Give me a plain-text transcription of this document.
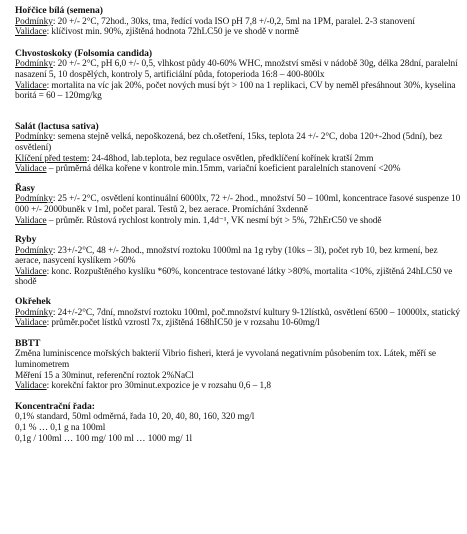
Hořčice bílá (semena)

Podmínky: 20 +/- 2°C, 72hod., 30ks, tma, ředící voda ISO pH 7,8 +/-0,2, 5ml na 1PM, paralel. 2-3 stanovení

Validace: klíčivost min. 90%, zjištěná hodnota 72hLC50 je ve shodě v normě

Chvostoskoky (Folsomia candida)

Podmínky: 20 +/- 2°C, pH 6,0 +/- 0,5, vlhkost půdy 40-60% WHC, množství směsi v nádobě 30g, délka 28dní, paralelní nasazení 5, 10 dospělých, kontroly 5, artificiální půda, fotoperioda 16:8 – 400-800lx

Validace: mortalita na víc jak 20%, počet nových musí být > 100 na 1 replikaci, CV by neměl přesáhnout 30%, kyselina boritá = 60 – 120mg/kg

Salát (lactusa sativa)

Podmínky: semena stejně velká, nepoškozená, bez ch.ošetření, 15ks, teplota 24 +/- 2°C, doba 120+-2hod (5dní), bez osvětlení)

Klíčení před testem: 24-48hod, lab.teplota, bez regulace osvětlen, předklíčení kořínek kratší 2mm

Validace – průměrná délka kořene v kontrole min.15mm, variační koeficient paralelních stanovení <20%

Řasy

Podmínky: 25 +/- 2°C, osvětlení kontinuální 6000lx, 72 +/- 2hod., množství 50 – 100ml, koncentrace řasové suspenze 10 000 +/- 2000buněk v 1ml, počet paral. Testů 2, bez aerace. Promíchání 3xdenně

Validace – průměr. Růstová rychlost kontroly min. 1,4d⁻¹, VK nesmí být > 5%, 72hErC50 ve shodě

Ryby

Podmínky: 23+/-2°C, 48 +/- 2hod., množství roztoku 1000ml na 1g ryby (10ks – 3l), počet ryb 10, bez krmení, bez aerace, nasycení kyslíkem >60%

Validace: konc. Rozpuštěného kyslíku *60%, koncentrace testované látky >80%, mortalita <10%, zjištěná 24hLC50 ve shodě

Okřehek

Podmínky: 24+/-2°C, 7dní, množství roztoku 100ml, poč.množství kultury 9-12lístků, osvětlení 6500 – 10000lx, statický

Validace: průměr.počet lístků vzrostl 7x, zjištěná 168hIC50 je v rozsahu 10-60mg/l

BBTT

Změna luminiscence mořských bakterií Vibrio fisheri, která je vyvolaná negativním působením tox. Látek, měří se luminometrem

Měření 15 a 30minut, referenční roztok 2%NaCl

Validace: korekční faktor pro 30minut.expozice je v rozsahu 0,6 – 1,8

Koncentrační řada:

0,1% standard, 50ml odměrná, řada 10, 20, 40, 80, 160, 320 mg/l

0,1 % … 0,1 g na 100ml

0,1g / 100ml … 100 mg/ 100 ml … 1000 mg/ 1l
